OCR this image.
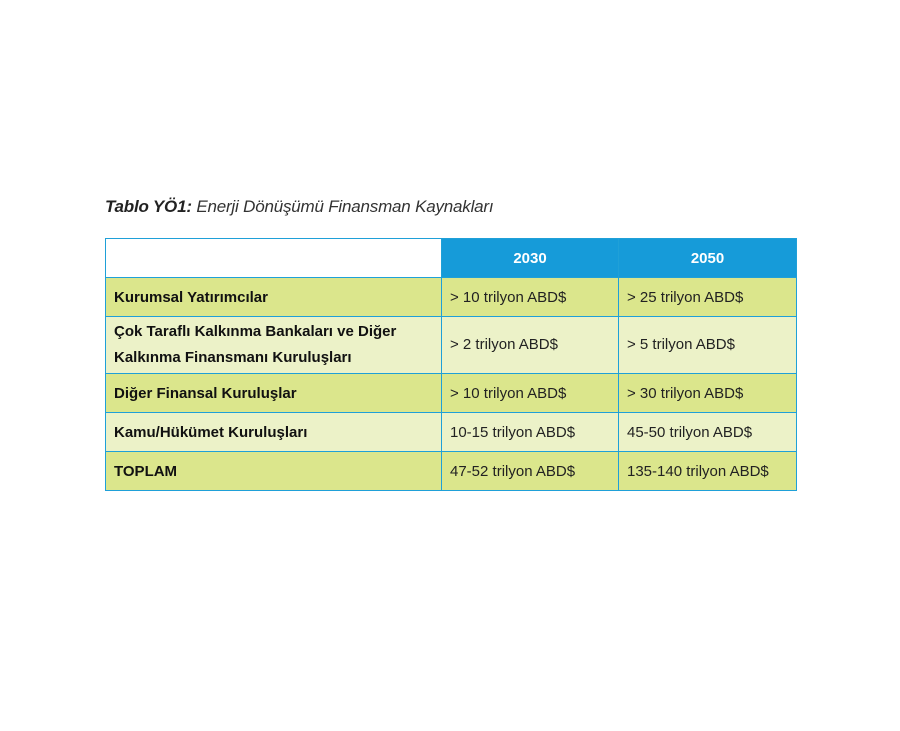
Tablo YÖ1: Enerji Dönüşümü Finansman Kaynakları
	2030	2050
Kurumsal Yatırımcılar	> 10 trilyon ABD$	> 25 trilyon ABD$
Çok Taraflı Kalkınma Bankaları ve Diğer Kalkınma Finansmanı Kuruluşları	> 2 trilyon ABD$	> 5 trilyon ABD$
Diğer Finansal Kuruluşlar	> 10 trilyon ABD$	> 30 trilyon ABD$
Kamu/Hükümet Kuruluşları	10-15 trilyon ABD$	45-50 trilyon ABD$
TOPLAM	47-52 trilyon ABD$	135-140 trilyon ABD$
